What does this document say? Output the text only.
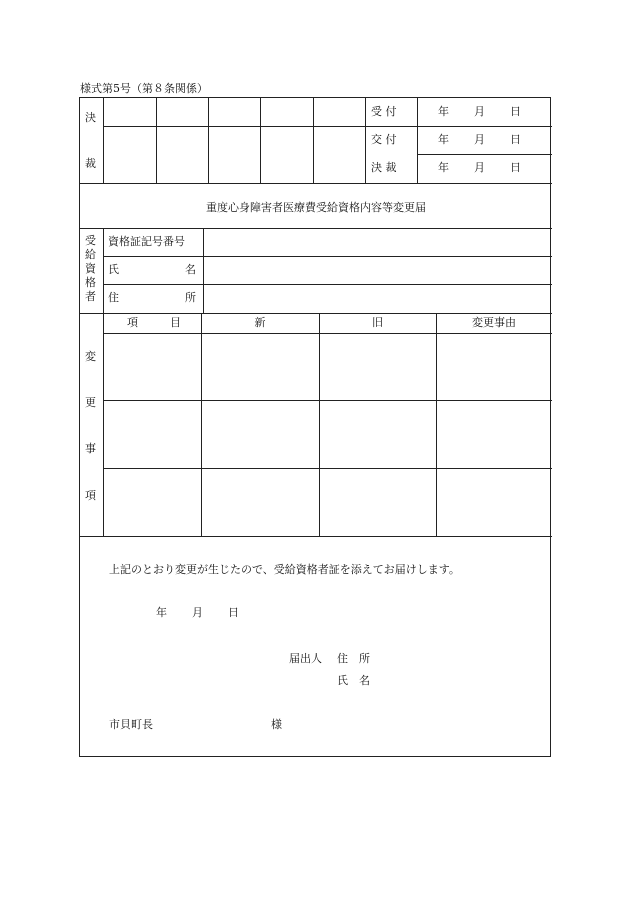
様式第5号（第８条関係）
決
裁
受 付	年 月 日
交 付	年 月 日
決 裁	年 月 日
重度心身障害者医療費受給資格内容等変更届
受
給
資
格
者
資格証記号番号
氏	名
住	所
変
更
事
項
項	目	新	旧	変更事由
上記のとおり変更が生じたので、受給資格者証を添えてお届けします。
年 月 日
届出人 住　所
氏　名
市貝町長	様
